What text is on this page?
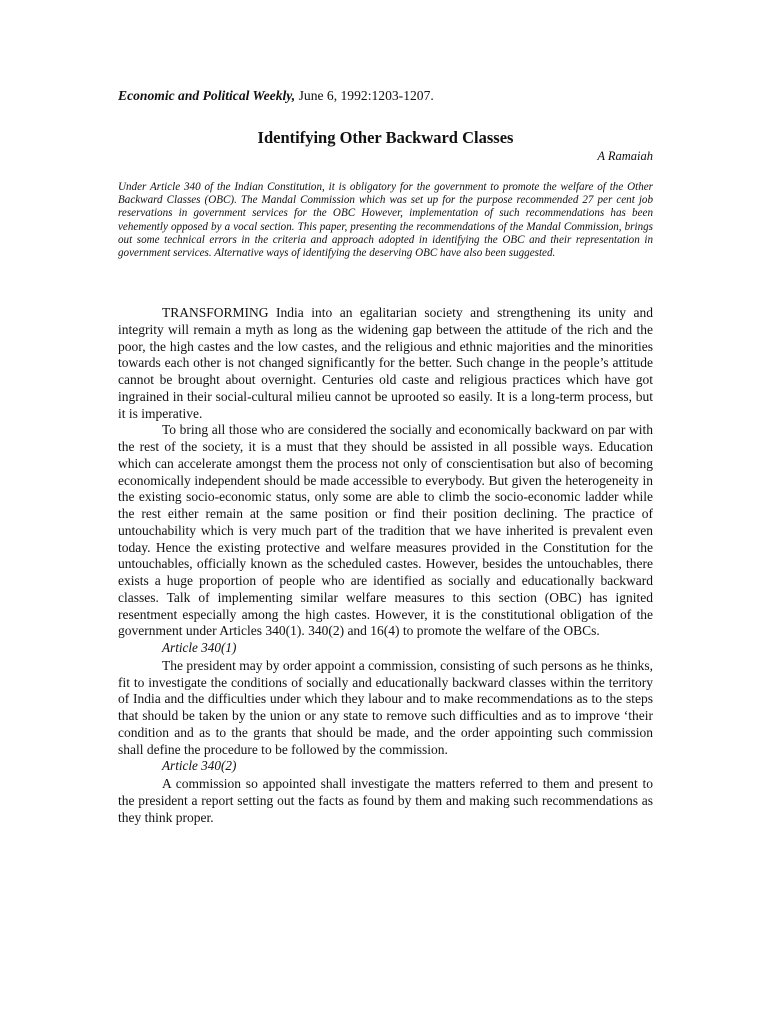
Economic and Political Weekly, June 6, 1992:1203-1207.
Identifying Other Backward Classes
A Ramaiah

Under Article 340 of the Indian Constitution, it is obligatory for the government to promote the welfare of the Other Backward Classes (OBC). The Mandal Commission which was set up for the purpose recommended 27 per cent job reservations in government services for the OBC However, implementation of such recommendations has been vehemently opposed by a vocal section. This paper, presenting the recommendations of the Mandal Commission, brings out some technical errors in the criteria and approach adopted in identifying the OBC and their representation in government services. Alternative ways of identifying the deserving OBC have also been suggested.

TRANSFORMING India into an egalitarian society and strengthening its unity and integrity will remain a myth as long as the widening gap between the attitude of the rich and the poor, the high castes and the low castes, and the religious and ethnic majorities and the minorities towards each other is not changed significantly for the better. Such change in the people’s attitude cannot be brought about overnight. Centuries old caste and religious practices which have got ingrained in their social-cultural milieu cannot be uprooted so easily. It is a long-term process, but it is imperative.

To bring all those who are considered the socially and economically backward on par with the rest of the society, it is a must that they should be assisted in all possible ways. Education which can accelerate amongst them the process not only of conscientisation but also of becoming economically independent should be made accessible to everybody. But given the heterogeneity in the existing socio-economic status, only some are able to climb the socio-economic ladder while the rest either remain at the same position or find their position declining. The practice of untouchability which is very much part of the tradition that we have inherited is prevalent even today. Hence the existing protective and welfare measures provided in the Constitution for the untouchables, officially known as the scheduled castes. However, besides the untouchables, there exists a huge proportion of people who are identified as socially and educationally backward classes. Talk of implementing similar welfare measures to this section (OBC) has ignited resentment especially among the high castes. However, it is the constitutional obligation of the government under Articles 340(1). 340(2) and 16(4) to promote the welfare of the OBCs.

Article 340(1)

The president may by order appoint a commission, consisting of such persons as he thinks, fit to investigate the conditions of socially and educationally backward classes within the territory of India and the difficulties under which they labour and to make recommendations as to the steps that should be taken by the union or any state to remove such difficulties and as to improve ‘their condition and as to the grants that should be made, and the order appointing such commission shall define the procedure to be followed by the commission.

Article 340(2)

A commission so appointed shall investigate the matters referred to them and present to the president a report setting out the facts as found by them and making such recommendations as they think proper.
